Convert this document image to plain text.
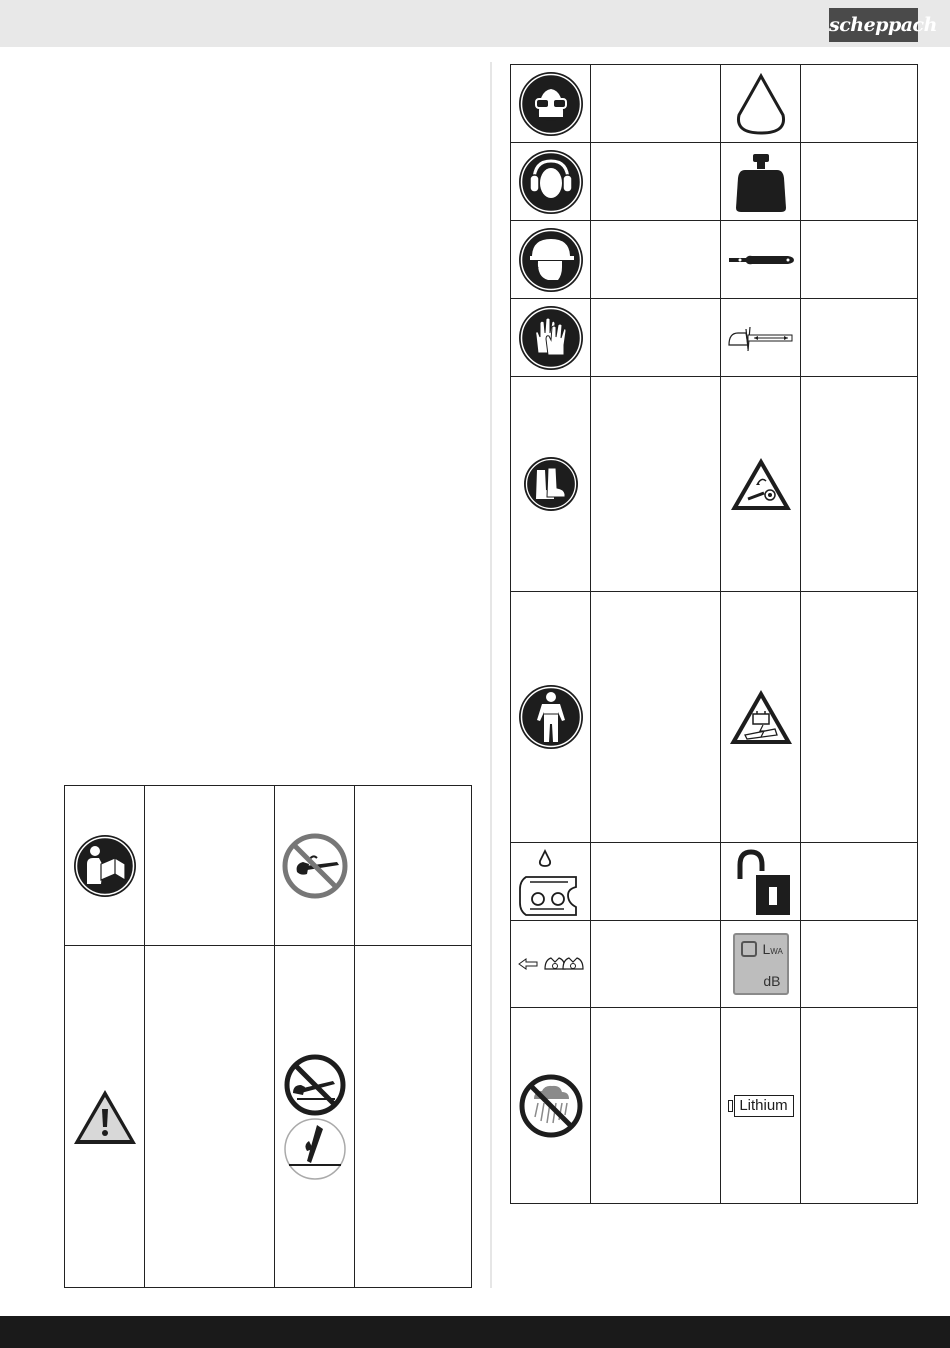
scheppach
LWA
dB
Lithium
